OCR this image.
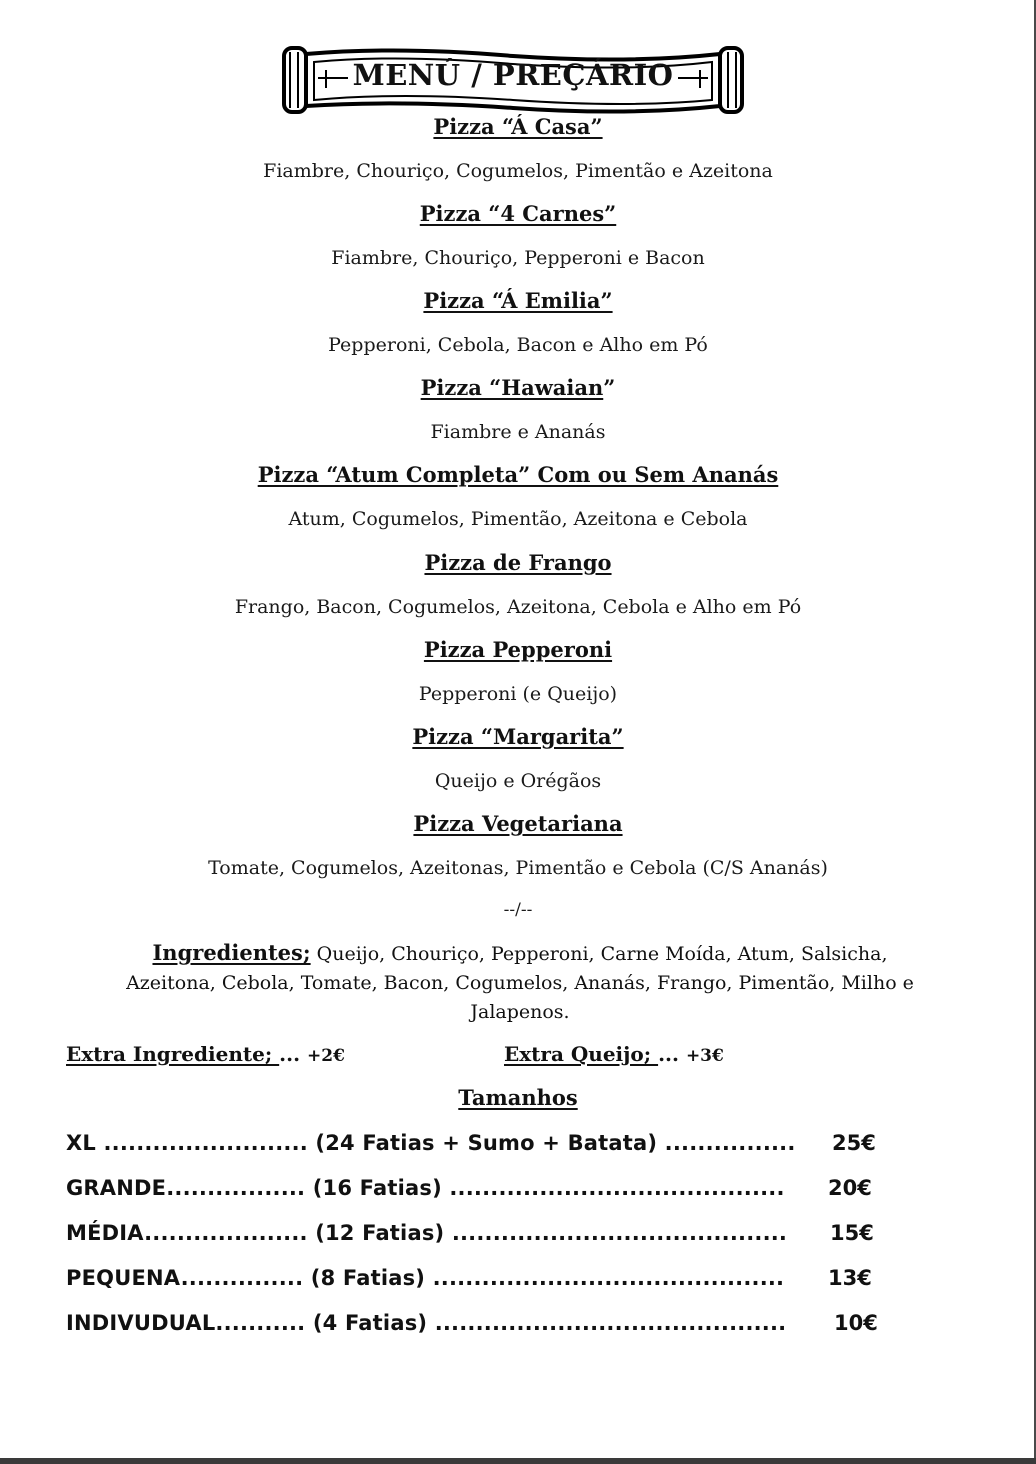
MENÚ / PREÇÁRIO
Pizza “Á Casa”
Fiambre, Chouriço, Cogumelos, Pimentão e Azeitona
Pizza “4 Carnes”
Fiambre, Chouriço, Pepperoni e Bacon
Pizza “Á Emilia”
Pepperoni, Cebola, Bacon e Alho em Pó
Pizza “Hawaian”
Fiambre e Ananás
Pizza “Atum Completa” Com ou Sem Ananás
Atum, Cogumelos, Pimentão, Azeitona e Cebola
Pizza de Frango
Frango, Bacon, Cogumelos, Azeitona, Cebola e Alho em Pó
Pizza Pepperoni
Pepperoni (e Queijo)
Pizza “Margarita”
Queijo e Orégãos
Pizza Vegetariana
Tomate, Cogumelos, Azeitonas, Pimentão e Cebola (C/S Ananás)
--/--
Ingredientes; Queijo, Chouriço, Pepperoni, Carne Moída, Atum, Salsicha,
Azeitona, Cebola, Tomate, Bacon, Cogumelos, Ananás, Frango, Pimentão, Milho e
Jalapenos.
Extra Ingrediente; ... +2€	Extra Queijo; ... +3€
Tamanhos
XL ......................... (24 Fatias + Sumo + Batata) ................ 25€
GRANDE................. (16 Fatias) ......................................... 20€
MÉDIA.................... (12 Fatias) ......................................... 15€
PEQUENA............... (8 Fatias) ........................................... 13€
INDIVUDUAL........... (4 Fatias) ........................................... 10€
